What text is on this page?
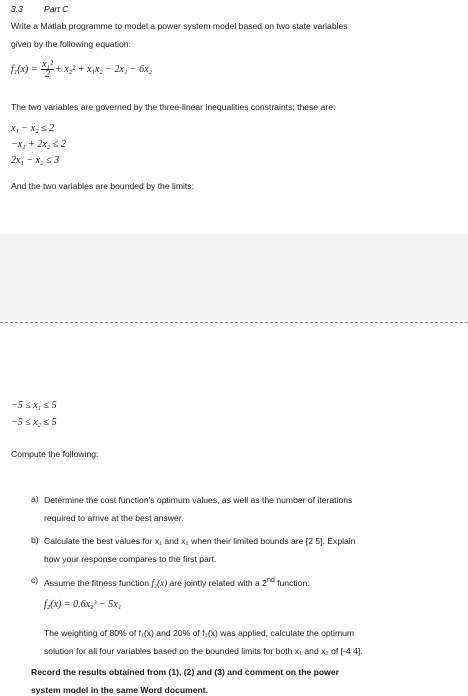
3.3 Part C
Write a Matlab programme to model a power system model based on two state variables
given by the following equation:
$f_1(x) = \frac{\text{x₁²}}{2} + x_2^2 + x_1x_2 - 2x_1 - 6x_2$
The two variables are governed by the three-linear inequalities constraints; these are:
x₁ − x₂ ≤ 2
−x₁ + 2x₂ ≤ 2
2x₁ − x₂ ≤ 3
And the two variables are bounded by the limits:
−5 ≤ x₁ ≤ 5
−5 ≤ x₂ ≤ 5
Compute the following:
a) Determine the cost function's optimum values, as well as the number of iterations
required to arrive at the best answer.
b) Calculate the best values for x₁ and x₂ when their limited bounds are [2 5]. Explain
how your response compares to the first part.
c) Assume the fitness function f₂(x) are jointly related with a 2nd function:
f₂(x) = 0.6x₂³ − 5x₁
The weighting of 80% of f₁(x) and 20% of f₂(x) was applied, calculate the optimum
solution for all four variables based on the bounded limits for both x₁ and x₂ of [-4 4].
Record the results obtained from (1), (2) and (3) and comment on the power
system model in the same Word document.
